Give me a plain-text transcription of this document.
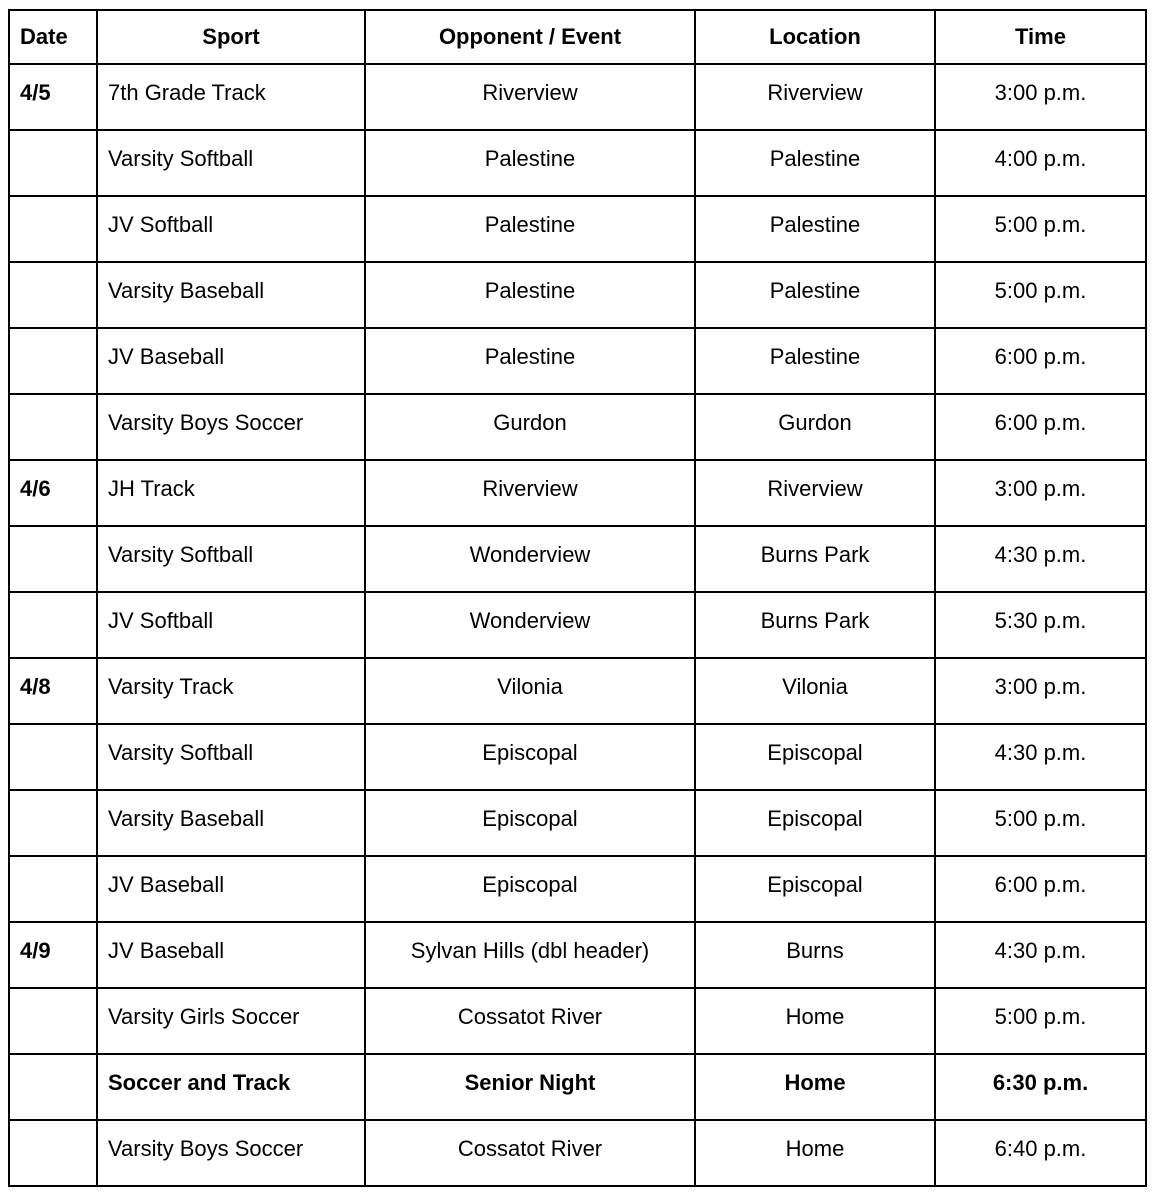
Date	Sport	Opponent / Event	Location	Time
4/5	7th Grade Track	Riverview	Riverview	3:00 p.m.
	Varsity Softball	Palestine	Palestine	4:00 p.m.
	JV Softball	Palestine	Palestine	5:00 p.m.
	Varsity Baseball	Palestine	Palestine	5:00 p.m.
	JV Baseball	Palestine	Palestine	6:00 p.m.
	Varsity Boys Soccer	Gurdon	Gurdon	6:00 p.m.
4/6	JH Track	Riverview	Riverview	3:00 p.m.
	Varsity Softball	Wonderview	Burns Park	4:30 p.m.
	JV Softball	Wonderview	Burns Park	5:30 p.m.
4/8	Varsity Track	Vilonia	Vilonia	3:00 p.m.
	Varsity Softball	Episcopal	Episcopal	4:30 p.m.
	Varsity Baseball	Episcopal	Episcopal	5:00 p.m.
	JV Baseball	Episcopal	Episcopal	6:00 p.m.
4/9	JV Baseball	Sylvan Hills (dbl header)	Burns	4:30 p.m.
	Varsity Girls Soccer	Cossatot River	Home	5:00 p.m.
	Soccer and Track	Senior Night	Home	6:30 p.m.
	Varsity Boys Soccer	Cossatot River	Home	6:40 p.m.
